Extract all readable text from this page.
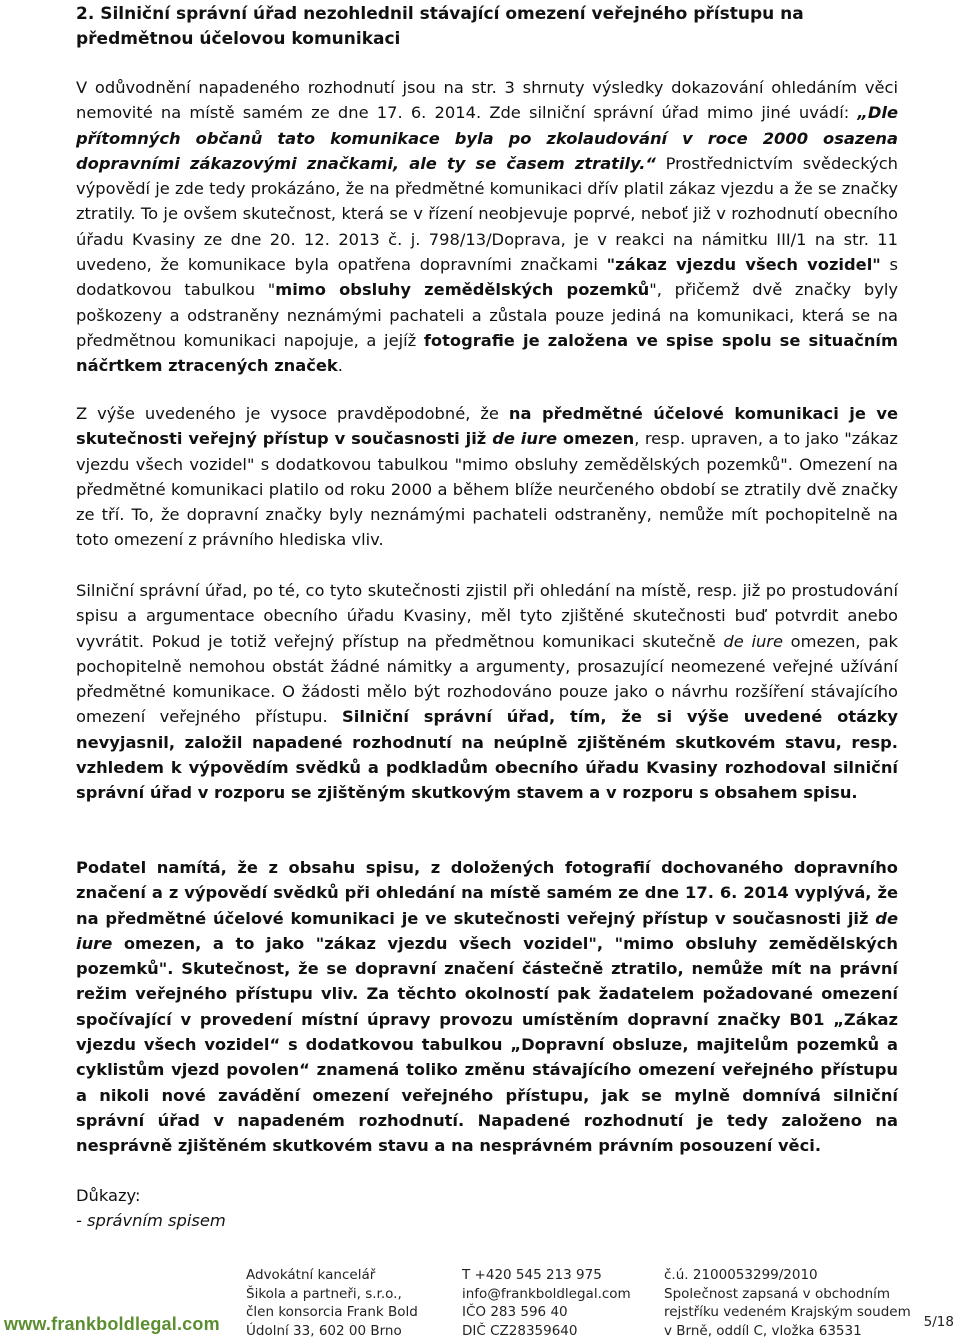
2. Silniční správní úřad nezohlednil stávající omezení veřejného přístupu na předmětnou účelovou komunikaci

V odůvodnění napadeného rozhodnutí jsou na str. 3 shrnuty výsledky dokazování ohledáním věci nemovité na místě samém ze dne 17. 6. 2014. Zde silniční správní úřad mimo jiné uvádí: „Dle přítomných občanů tato komunikace byla po zkolaudování v roce 2000 osazena dopravními zákazovými značkami, ale ty se časem ztratily.“ Prostřednictvím svědeckých výpovědí je zde tedy prokázáno, že na předmětné komunikaci dřív platil zákaz vjezdu a že se značky ztratily. To je ovšem skutečnost, která se v řízení neobjevuje poprvé, neboť již v rozhodnutí obecního úřadu Kvasiny ze dne 20. 12. 2013 č. j. 798/13/Doprava, je v reakci na námitku III/1 na str. 11 uvedeno, že komunikace byla opatřena dopravními značkami "zákaz vjezdu všech vozidel" s dodatkovou tabulkou "mimo obsluhy zemědělských pozemků", přičemž dvě značky byly poškozeny a odstraněny neznámými pachateli a zůstala pouze jediná na komunikaci, která se na předmětnou komunikaci napojuje, a jejíž fotografie je založena ve spise spolu se situačním náčrtkem ztracených značek.

Z výše uvedeného je vysoce pravděpodobné, že na předmětné účelové komunikaci je ve skutečnosti veřejný přístup v současnosti již de iure omezen, resp. upraven, a to jako "zákaz vjezdu všech vozidel" s dodatkovou tabulkou "mimo obsluhy zemědělských pozemků". Omezení na předmětné komunikaci platilo od roku 2000 a během blíže neurčeného období se ztratily dvě značky ze tří. To, že dopravní značky byly neznámými pachateli odstraněny, nemůže mít pochopitelně na toto omezení z právního hlediska vliv.

Silniční správní úřad, po té, co tyto skutečnosti zjistil při ohledání na místě, resp. již po prostudování spisu a argumentace obecního úřadu Kvasiny, měl tyto zjištěné skutečnosti buď potvrdit anebo vyvrátit. Pokud je totiž veřejný přístup na předmětnou komunikaci skutečně de iure omezen, pak pochopitelně nemohou obstát žádné námitky a argumenty, prosazující neomezené veřejné užívání předmětné komunikace. O žádosti mělo být rozhodováno pouze jako o návrhu rozšíření stávajícího omezení veřejného přístupu. Silniční správní úřad, tím, že si výše uvedené otázky nevyjasnil, založil napadené rozhodnutí na neúplně zjištěném skutkovém stavu, resp. vzhledem k výpovědím svědků a podkladům obecního úřadu Kvasiny rozhodoval silniční správní úřad v rozporu se zjištěným skutkovým stavem a v rozporu s obsahem spisu.

Podatel namítá, že z obsahu spisu, z doložených fotografií dochovaného dopravního značení a z výpovědí svědků při ohledání na místě samém ze dne 17. 6. 2014 vyplývá, že na předmětné účelové komunikaci je ve skutečnosti veřejný přístup v současnosti již de iure omezen, a to jako "zákaz vjezdu všech vozidel", "mimo obsluhy zemědělských pozemků". Skutečnost, že se dopravní značení částečně ztratilo, nemůže mít na právní režim veřejného přístupu vliv. Za těchto okolností pak žadatelem požadované omezení spočívající v provedení místní úpravy provozu umístěním dopravní značky B01 „Zákaz vjezdu všech vozidel“ s dodatkovou tabulkou „Dopravní obsluze, majitelům pozemků a cyklistům vjezd povolen“ znamená toliko změnu stávajícího omezení veřejného přístupu a nikoli nové zavádění omezení veřejného přístupu, jak se mylně domnívá silniční správní úřad v napadeném rozhodnutí. Napadené rozhodnutí je tedy založeno na nesprávně zjištěném skutkovém stavu a na nesprávném právním posouzení věci.

Důkazy:
- správním spisem
www.frankboldlegal.com
Advokátní kancelář
Šikola a partneři, s.r.o.,
člen konsorcia Frank Bold
Údolní 33, 602 00 Brno
T +420 545 213 975
info@frankboldlegal.com
IČO 283 596 40
DIČ CZ28359640
č.ú. 2100053299/2010
Společnost zapsaná v obchodním
rejstříku vedeném Krajským soudem
v Brně, oddíl C, vložka 63531
5/18
